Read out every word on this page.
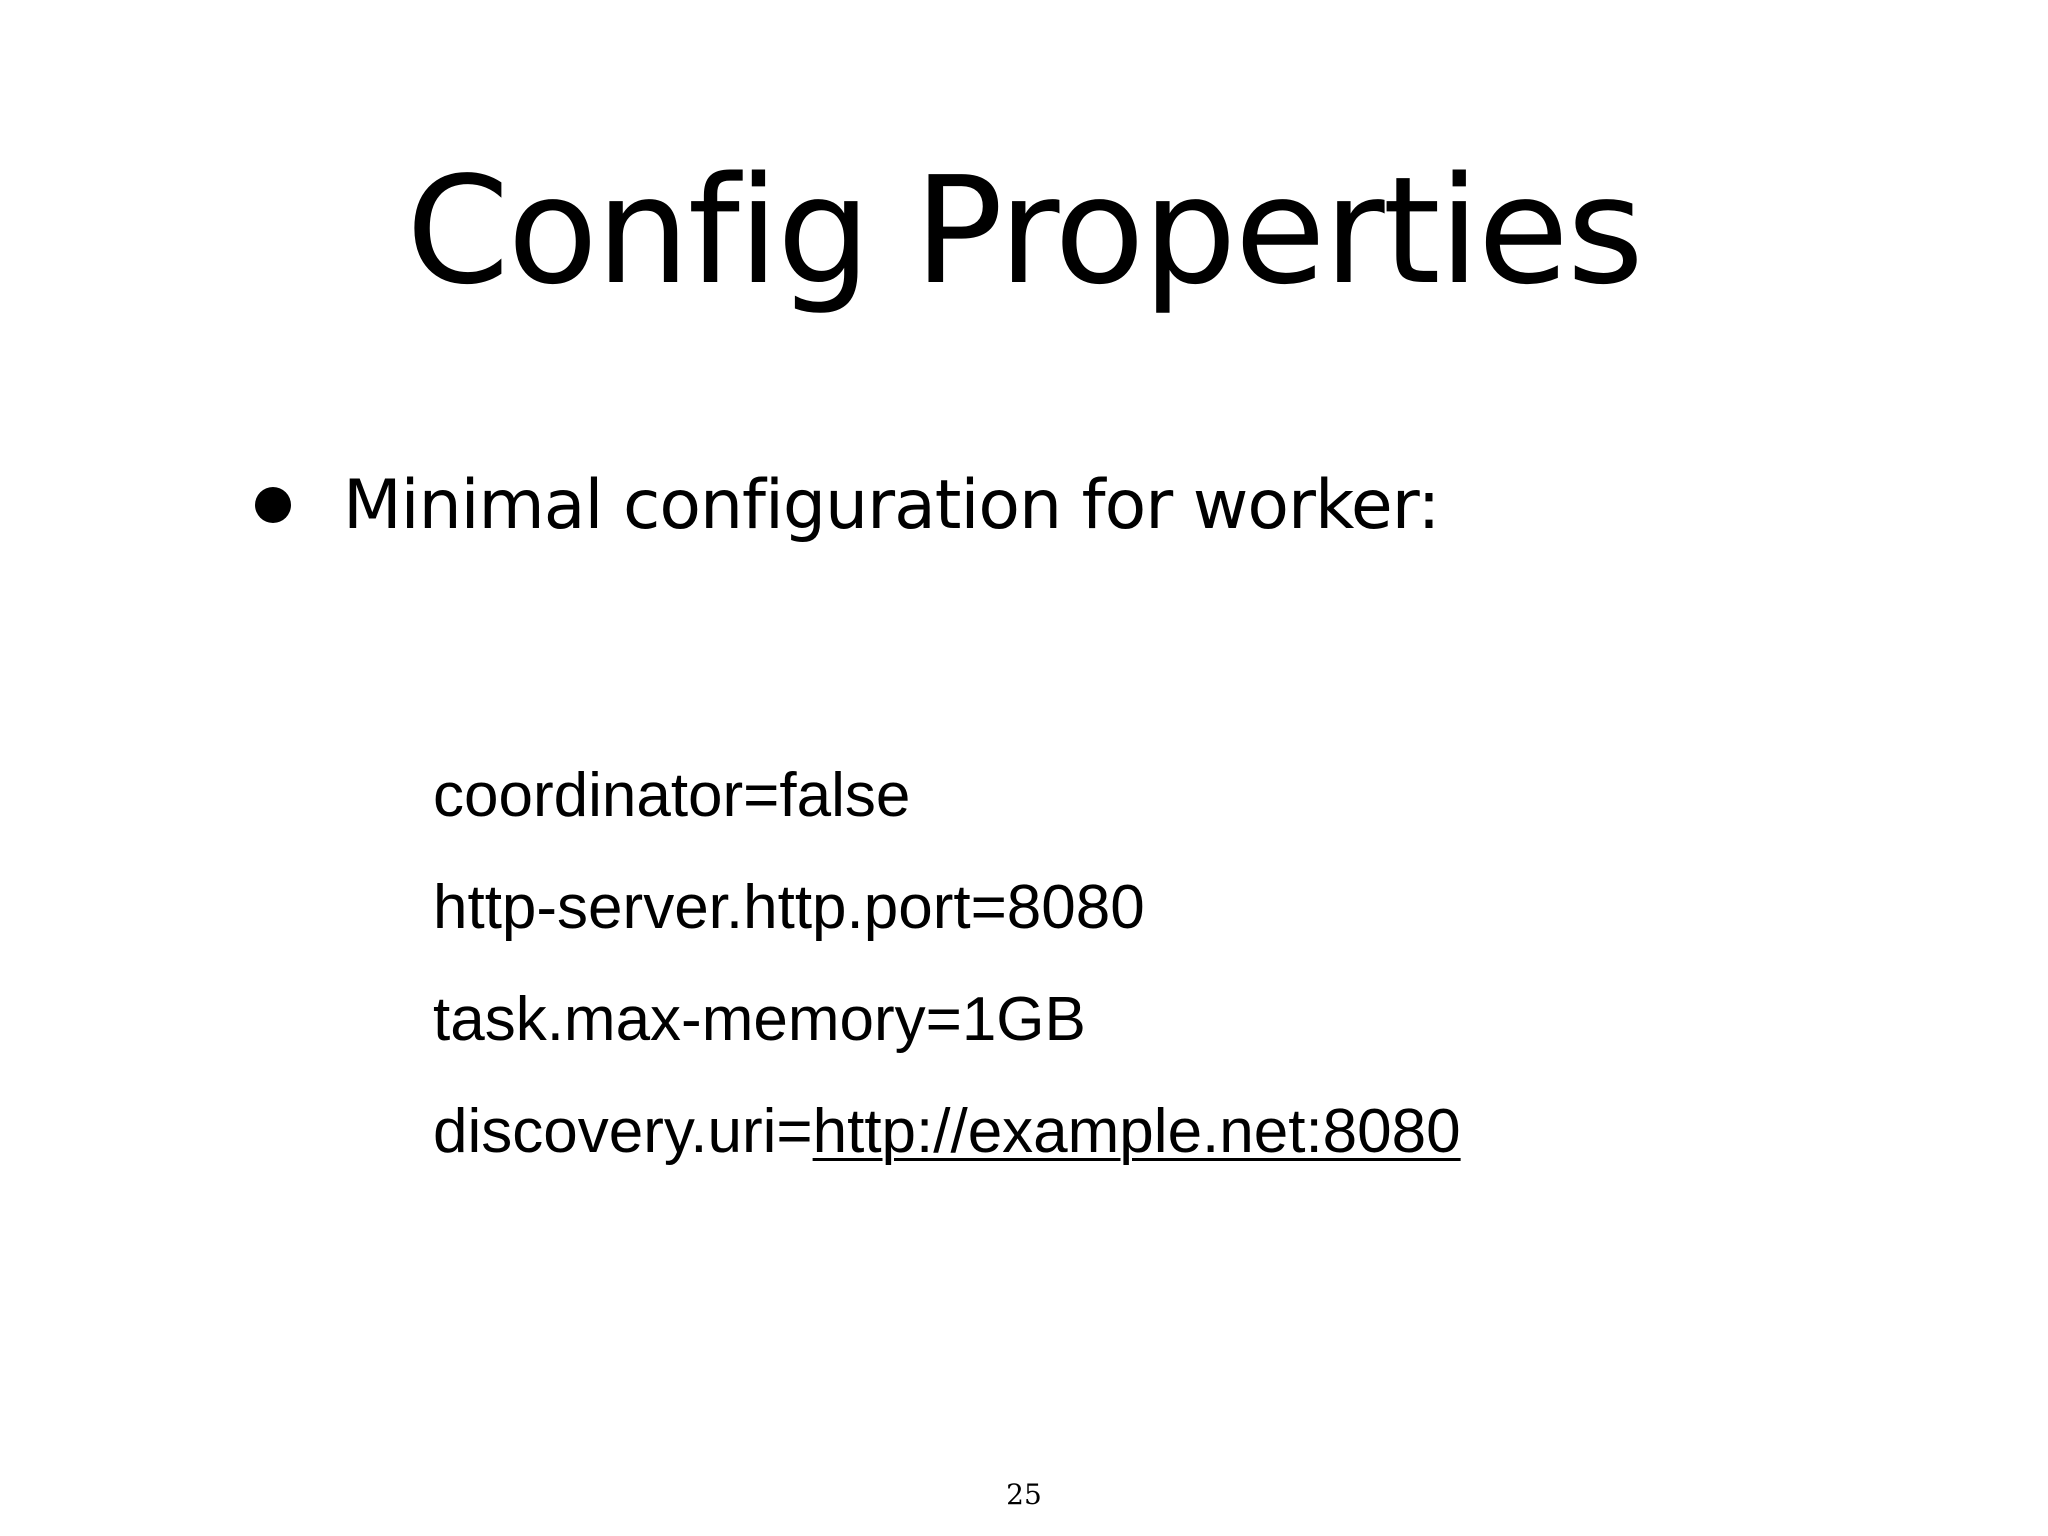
Config Properties
Minimal configuration for worker:
coordinator=false
http-server.http.port=8080
task.max-memory=1GB
discovery.uri=http://example.net:8080
25
